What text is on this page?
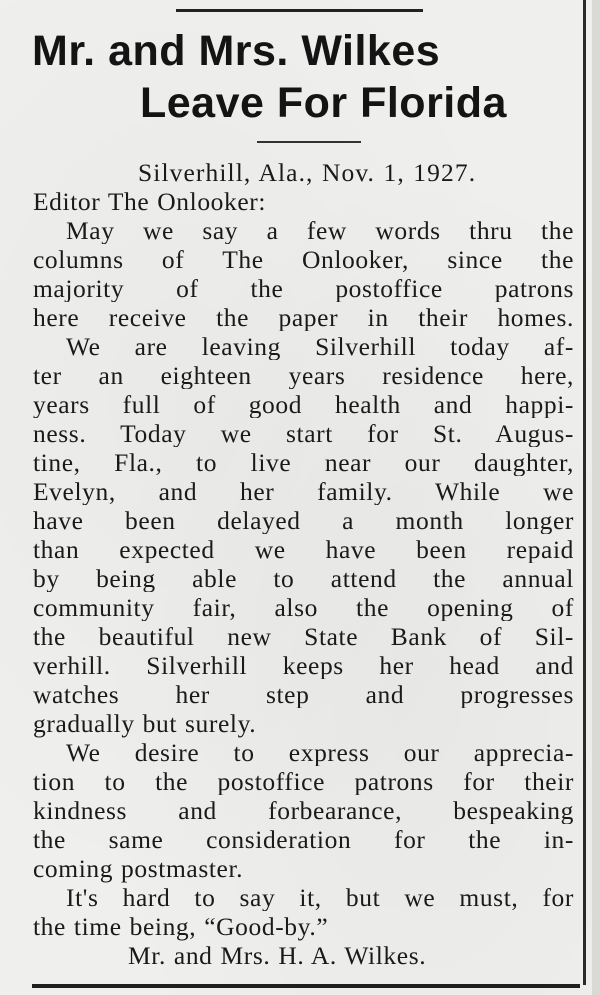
Mr. and Mrs. Wilkes
Leave For Florida
Silverhill, Ala., Nov. 1, 1927.
Editor The Onlooker:
May we say a few words thru the
columns of The Onlooker, since the
majority of the postoffice patrons
here receive the paper in their homes.
We are leaving Silverhill today af-
ter an eighteen years residence here,
years full of good health and happi-
ness. Today we start for St. Augus-
tine, Fla., to live near our daughter,
Evelyn, and her family. While we
have been delayed a month longer
than expected we have been repaid
by being able to attend the annual
community fair, also the opening of
the beautiful new State Bank of Sil-
verhill. Silverhill keeps her head and
watches her step and progresses
gradually but surely.
We desire to express our apprecia-
tion to the postoffice patrons for their
kindness and forbearance, bespeaking
the same consideration for the in-
coming postmaster.
It's hard to say it, but we must, for
the time being, “Good-by.”
Mr. and Mrs. H. A. Wilkes.
